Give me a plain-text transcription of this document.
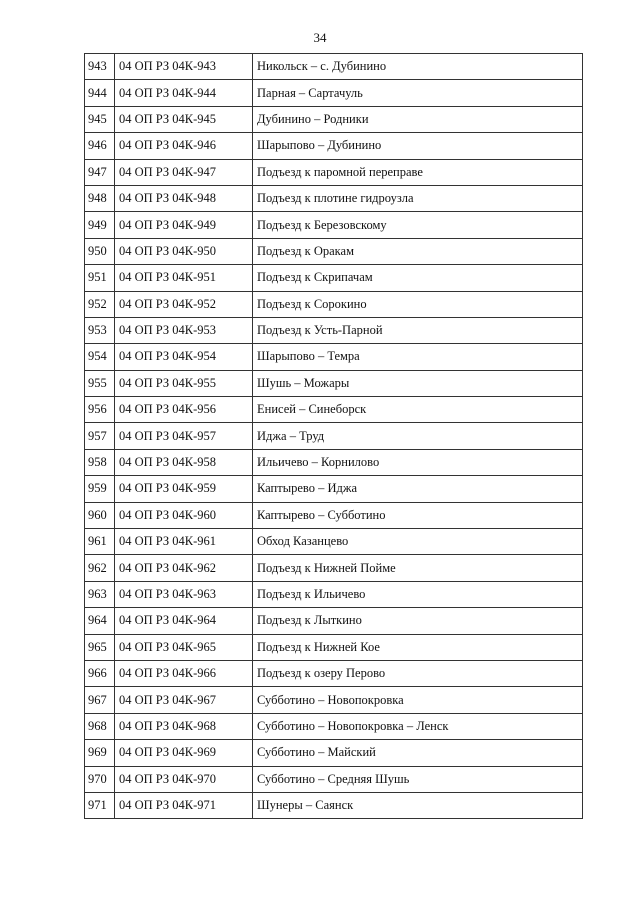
34
943	04 ОП РЗ 04К-943	Никольск – с. Дубинино
944	04 ОП РЗ 04К-944	Парная – Сартачуль
945	04 ОП РЗ 04К-945	Дубинино – Родники
946	04 ОП РЗ 04К-946	Шарыпово – Дубинино
947	04 ОП РЗ 04К-947	Подъезд к паромной переправе
948	04 ОП РЗ 04К-948	Подъезд к плотине гидроузла
949	04 ОП РЗ 04К-949	Подъезд к Березовскому
950	04 ОП РЗ 04К-950	Подъезд к Оракам
951	04 ОП РЗ 04К-951	Подъезд к Скрипачам
952	04 ОП РЗ 04К-952	Подъезд к Сорокино
953	04 ОП РЗ 04К-953	Подъезд к Усть-Парной
954	04 ОП РЗ 04К-954	Шарыпово – Темра
955	04 ОП РЗ 04К-955	Шушь – Можары
956	04 ОП РЗ 04К-956	Енисей – Синеборск
957	04 ОП РЗ 04К-957	Иджа – Труд
958	04 ОП РЗ 04К-958	Ильичево – Корнилово
959	04 ОП РЗ 04К-959	Каптырево – Иджа
960	04 ОП РЗ 04К-960	Каптырево – Субботино
961	04 ОП РЗ 04К-961	Обход Казанцево
962	04 ОП РЗ 04К-962	Подъезд к Нижней Пойме
963	04 ОП РЗ 04К-963	Подъезд к Ильичево
964	04 ОП РЗ 04К-964	Подъезд к Лыткино
965	04 ОП РЗ 04К-965	Подъезд к Нижней Кое
966	04 ОП РЗ 04К-966	Подъезд к озеру Перово
967	04 ОП РЗ 04К-967	Субботино – Новопокровка
968	04 ОП РЗ 04К-968	Субботино – Новопокровка – Ленск
969	04 ОП РЗ 04К-969	Субботино – Майский
970	04 ОП РЗ 04К-970	Субботино – Средняя Шушь
971	04 ОП РЗ 04К-971	Шунеры – Саянск
